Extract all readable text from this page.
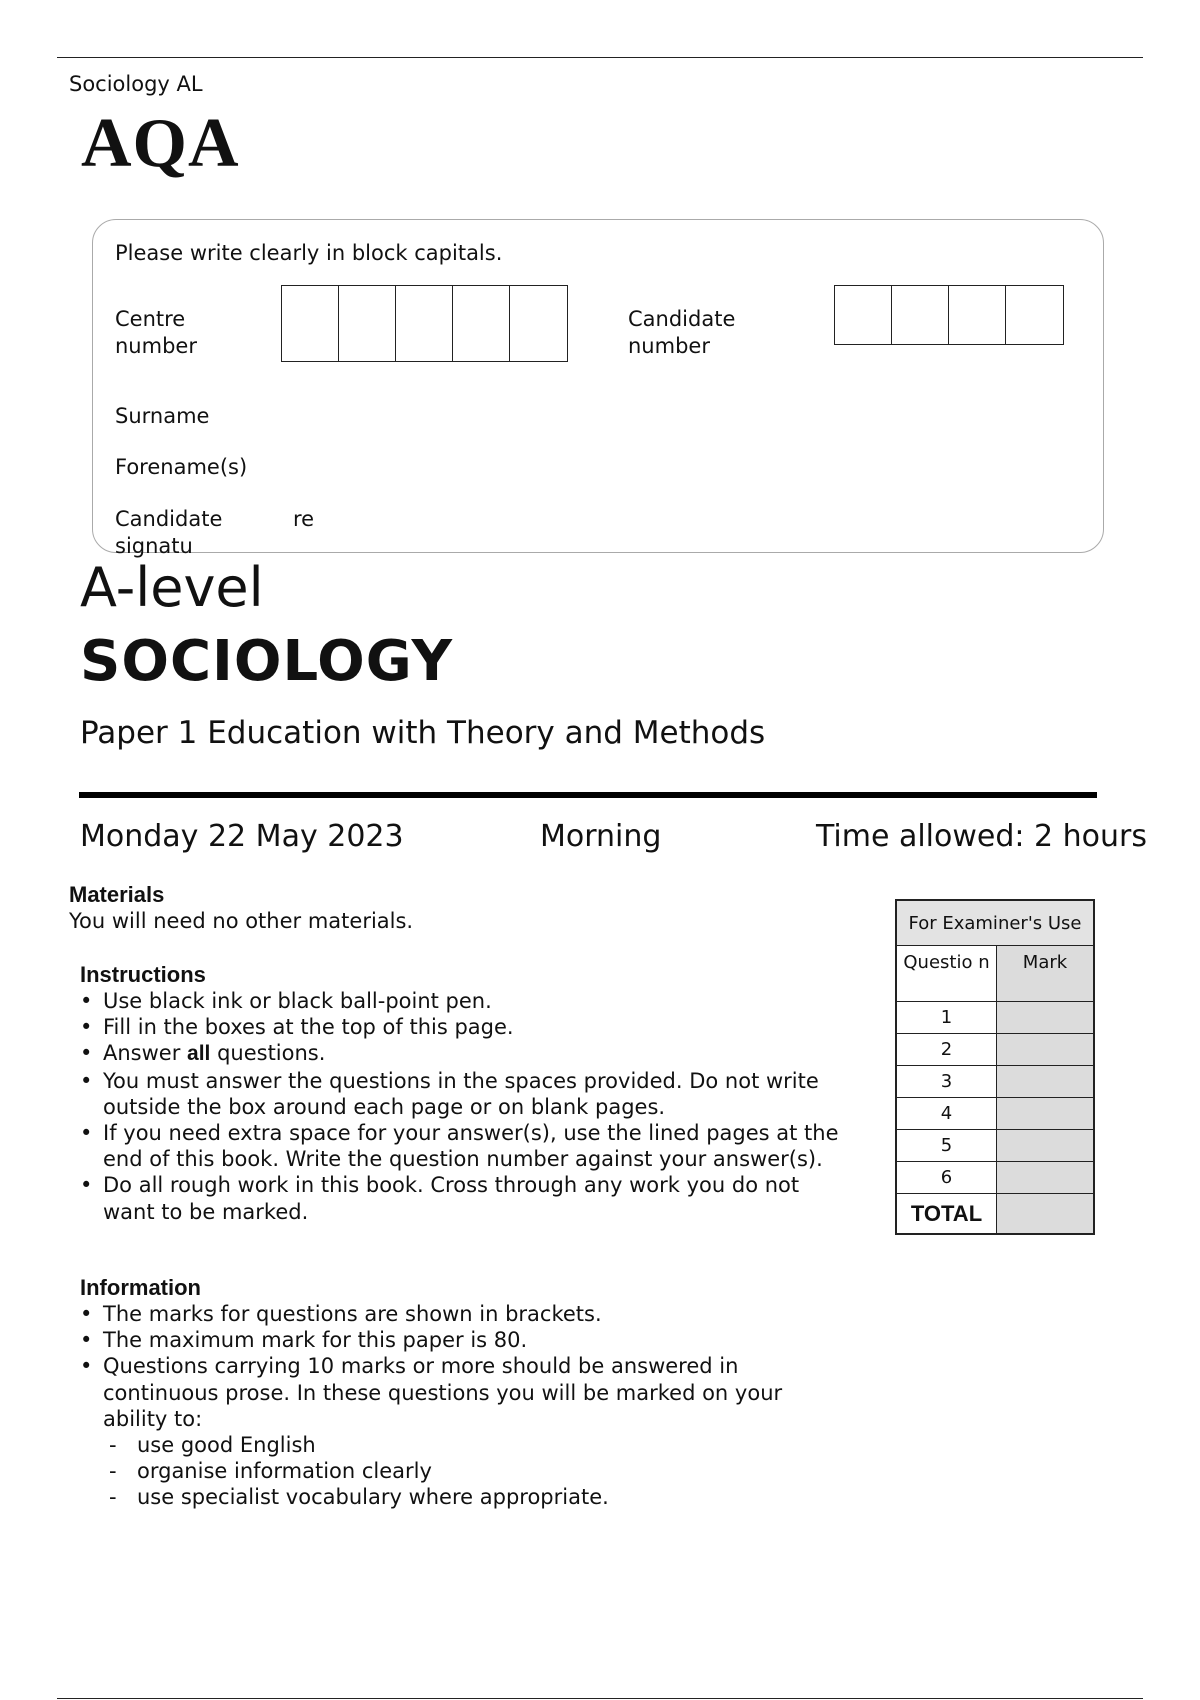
Sociology AL
AQA
Please write clearly in block capitals.
Centre
number
Candidate
number
Surname
Forename(s)
Candidate
signatu
re
A-level
SOCIOLOGY
Paper 1 Education with Theory and Methods
Monday 22 May 2023	Morning	Time allowed: 2 hours
Materials
You will need no other materials.
Instructions
• Use black ink or black ball-point pen.
• Fill in the boxes at the top of this page.
• Answer all questions.
• You must answer the questions in the spaces provided. Do not write outside the box around each page or on blank pages.
• If you need extra space for your answer(s), use the lined pages at the end of this book. Write the question number against your answer(s).
• Do all rough work in this book. Cross through any work you do not want to be marked.
Information
• The marks for questions are shown in brackets.
• The maximum mark for this paper is 80.
• Questions carrying 10 marks or more should be answered in continuous prose. In these questions you will be marked on your ability to:
- use good English
- organise information clearly
- use specialist vocabulary where appropriate.
For Examiner's Use	
Questio n	Mark
1	
2	
3	
4	
5	
6	
TOTAL	
